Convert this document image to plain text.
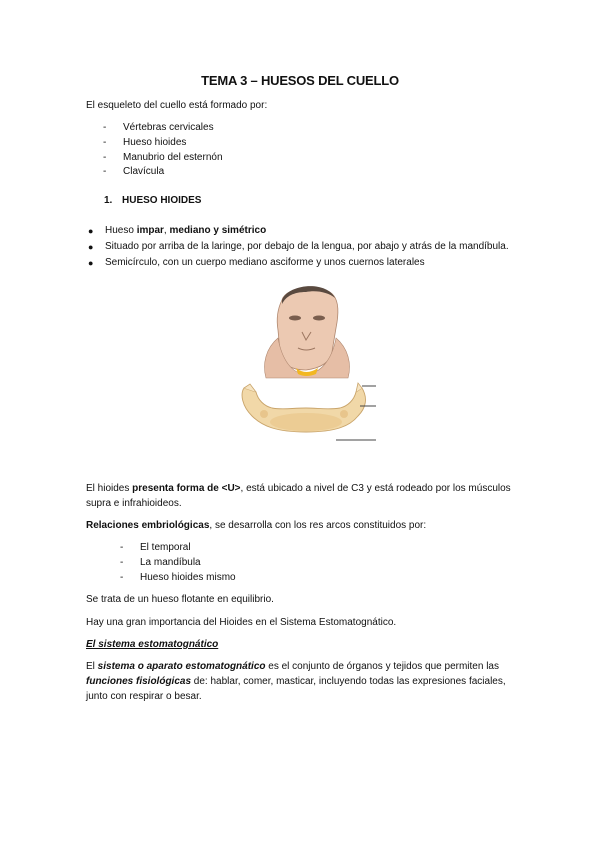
TEMA 3 – HUESOS DEL CUELLO
El esqueleto del cuello está formado por:
-	Vértebras cervicales
-	Hueso hioides
-	Manubrio del esternón
-	Clavícula
1. HUESO HIOIDES
●	Hueso impar, mediano y simétrico
●	Situado por arriba de la laringe, por debajo de la lengua, por abajo y atrás de la mandíbula.
●	Semicírculo, con un cuerpo mediano asciforme y unos cuernos laterales
El hioides presenta forma de <U>, está ubicado a nivel de C3 y está rodeado por los músculos
supra e infrahioideos.
Relaciones embriológicas, se desarrolla con los res arcos constituidos por:
-	El temporal
-	La mandíbula
-	Hueso hioides mismo
Se trata de un hueso flotante en equilibrio.
Hay una gran importancia del Hioides en el Sistema Estomatognático.
El sistema estomatognático
El sistema o aparato estomatognático es el conjunto de órganos y tejidos que permiten las
funciones fisiológicas de: hablar, comer, masticar, incluyendo todas las expresiones faciales,
junto con respirar o besar.
